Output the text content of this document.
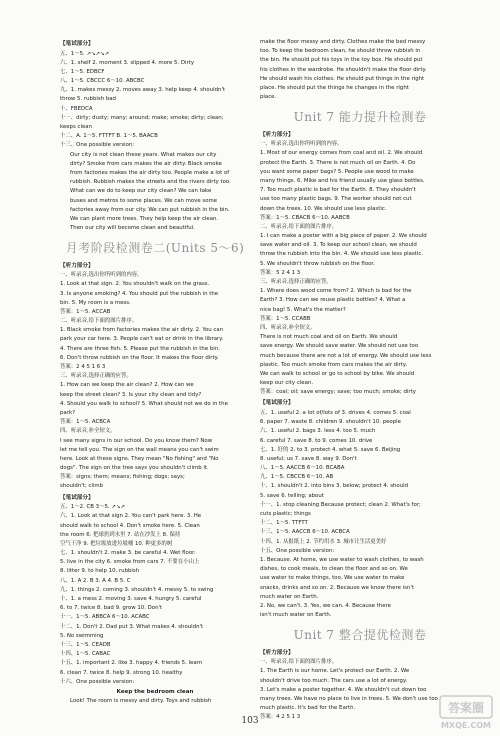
【笔试部分】
五、1～5. ↗↘↗↘↗
六、1. shelf 2. moment 3. slipped 4. more 5. Dirty
七、1～5. EDBCF
八、1～5. CBCCC 6～10. ABCBC
九、1. makes messy 2. moves away 3. help keep 4. shouldn't
throw 5. rubbish bad
十、FBEDCA
十一、dirty; dusty; many; around; make; smoke; dirty; clean;
keeps clean
十二、A. 1～5. FTTFT B. 1～5. BAACB
十三、One possible version:
Our city is not clean these years. What makes our city
dirty? Smoke from cars makes the air dirty. Black smoke
from factories makes the air dirty too. People make a lot of
rubbish. Rubbish makes the streets and the rivers dirty too.
What can we do to keep our city clean? We can take
buses and metros to some places. We can move some
factories away from our city. We can put rubbish in the bin.
We can plant more trees. They help keep the air clean.
Then our city will become clean and beautiful.
月考阶段检测卷二(Units 5～6)
【听力部分】
一、听录音,选出你所听到的内容。
1. Look at that sign. 2. You shouldn't walk on the grass.
3. Is anyone smoking? 4. You should put the rubbish in the
bin. 5. My room is a mess.
答案：1～5. ACCAB
二、听录音,给下面的图片排序。
1. Black smoke from factories makes the air dirty. 2. You can
park your car here. 3. People can't eat or drink in the library.
4. There are three fish. 5. Please put the rubbish in the bin.
6. Don't throw rubbish on the floor. It makes the floor dirty.
答案：2 4 5 1 6 3
三、听录音,选择正确的应答。
1. How can we keep the air clean? 2. How can we
keep the street clean? 3. Is your city clean and tidy?
4. Should you walk to school? 5. What should not we do in the
park?
答案：1～5. ACBCA
四、听录音,补全短文。
I see many signs in our school. Do you know them? Now
let me tell you. The sign on the wall means you can't swim
here. Look at these signs. They mean "No fishing" and "No
dogs". The sign on the tree says you shouldn't climb it.
答案：signs; them; means; fishing; dogs; says;
shouldn't; climb
【笔试部分】
五、1～2. CB 3～5. ↗↘↗
六、1. Look at that sign 2. You can't park here. 3. He
should walk to school 4. Don't smoke here. 5. Clean
the room 6. 把球扔到水里 7. 站在沙发上 8. 保持
空气干净 9. 把垃圾放进垃圾桶 10. 种更多的树
七、1. shouldn't 2. make 3. be careful 4. Wet floor.
5. live in the city 6. smoke from cars 7. 不要在小山上
8. litter 9. to help 10. rubbish
八、1. A 2. B 3. A 4. B 5. C
九、1. things 2. coming 3. shouldn't 4. messy 5. to swing
十、1. a mess 2. moving 3. save 4. hungry 5. careful
6. to 7. twice 8. bad 9. grow 10. Don't
十一、1～5. ABBCA 6～10. ACABC
十二、1. Don't 2. Dad put 3. What makes 4. shouldn't
5. No swimming
十三、1～5. CEADB
十四、1～5. CABAC
十五、1. important 2. like 3. happy 4. friends 5. learn
6. clean 7. twice 8. help 9. strong 10. healthy
十六、One possible version:
Keep the bedroom clean
Look! The room is messy and dirty. Toys and rubbish
make the floor messy and dirty. Clothes make the bed messy
too. To keep the bedroom clean, he should throw rubbish in
the bin. He should put his toys in the toy box. He should put
his clothes in the wardrobe. He shouldn't make the floor dirty.
He should wash his clothes. He should put things in the right
place. He should put the things he changes in the right
place.
Unit 7 能力提升检测卷
【听力部分】
一、听录音,选出你所听到的内容。
1. Most of our energy comes from coal and oil. 2. We should
protect the Earth. 3. There is not much oil on Earth. 4. Do
you want some paper bags? 5. People use wood to make
many things. 6. Mike and his friend usually use glass bottles.
7. Too much plastic is bad for the Earth. 8. They shouldn't
use too many plastic bags. 9. The worker should not cut
down the trees. 10. We should use less plastic.
答案：1～5. CBACB 6～10. AABCB
二、听录音,给下面的图片排序。
1. I can make a poster with a big piece of paper. 2. We should
save water and oil. 3. To keep our school clean, we should
throw the rubbish into the bin. 4. We should use less plastic.
5. We shouldn't throw rubbish on the floor.
答案：5 2 4 1 3
三、听录音,选择正确的应答。
1. Where does wood come from? 2. Which is bad for the
Earth? 3. How can we reuse plastic bottles? 4. What a
nice bag! 5. What's the matter?
答案：1～5. CCABB
四、听录音,补全短文。
There is not much coal and oil on Earth. We should
save energy. We should save water. We should not use too
much because there are not a lot of energy. We should use less
plastic. Too much smoke from cars makes the air dirty.
We can walk to school or go to school by bike. We should
keep our city clean.
答案：coal; oil; save energy; save; too much; smoke; dirty
【笔试部分】
五、1. useful 2. a lot of/lots of 3. drives 4. comes 5. coal
6. paper 7. waste 8. children 9. shouldn't 10. people
六、1. useful 2. bags 3. less 4. too 5. much
6. careful 7. save 8. to 9. comes 10. drive
七、1. 好的 2. to 3. protect 4. what 5. save 6. Beijing
8. useful; us 7. save 8. way 9. Don't
八、1～5. AACCB 6～10. BCABA
九、1～5. CBCCB 6～10. AB
十、1. shouldn't 2. into bins 3. below; protect 4. should
5. save 6. telling; about
十一、1. stop cleaning Because protect; clean 2. What's for;
cuts plastic; things
十二、1～5. TTFTT
十三、1～5. AACCB 6～10. ACBCA
十四、1. 从报纸上 2. 节约用水 3. 城市让生活更美好
十五、One possible version:
1. Because. At home, we use water to wash clothes, to wash
dishes, to cook meals, to clean the floor and so on. We
use water to make things, too. We use water to make
snacks, drinks and so on. 2. Because we know there isn't
much water on Earth.
2. No, we can't. 3. Yes, we can. 4. Because there
isn't much water on Earth.
Unit 7 整合提优检测卷
【听力部分】
一、听录音,给下面的图片排序。
1. The Earth is our home. Let's protect our Earth. 2. We
shouldn't drive too much. The cars use a lot of energy.
3. Let's make a poster together. 4. We shouldn't cut down too
many trees. We have no place to live in trees. 5. We don't use too
much plastic. It's bad for the Earth.
答案：4 2 5 1 3
103
答案圈
MXQE.COM
